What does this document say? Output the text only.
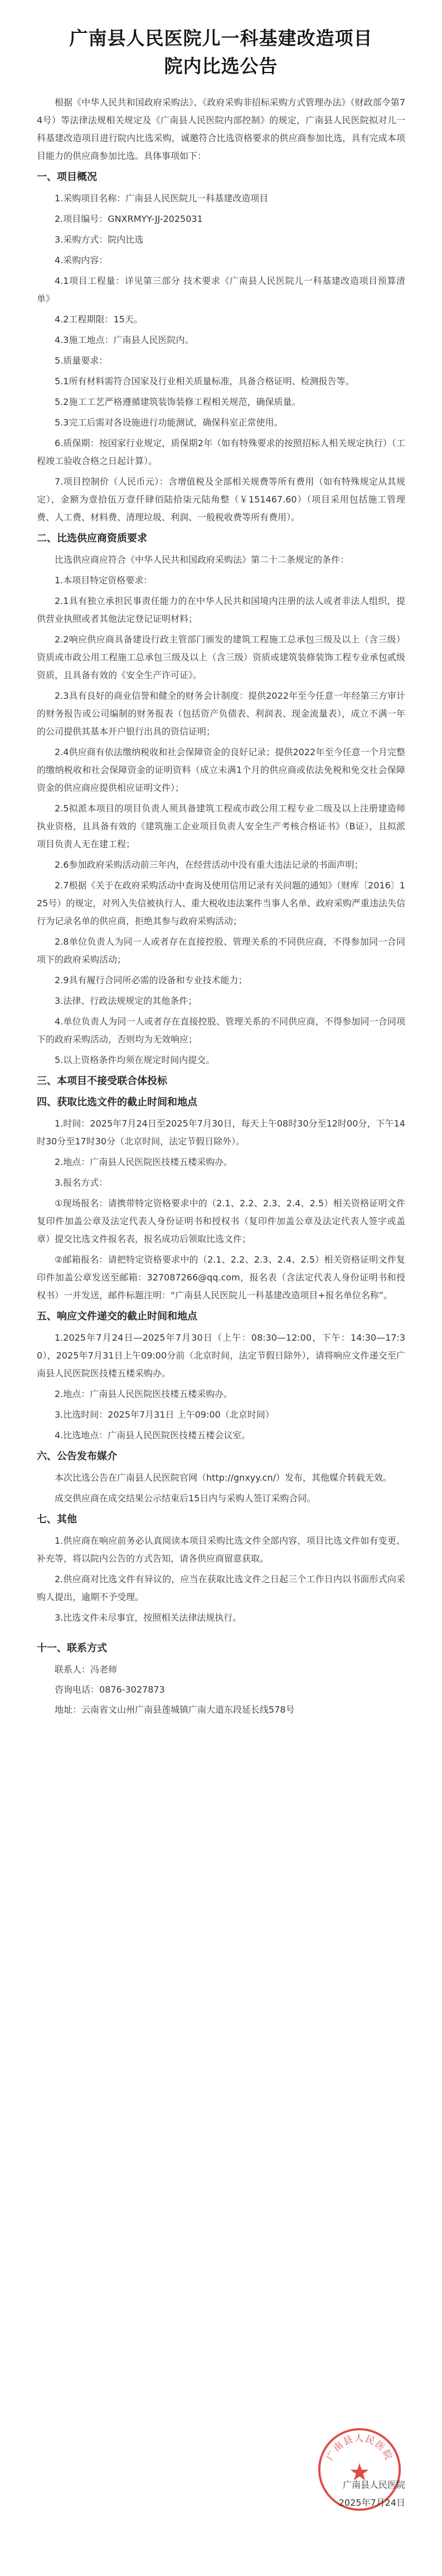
广南县人民医院儿一科基建改造项目
院内比选公告

根据《中华人民共和国政府采购法》、《政府采购非招标采购方式管理办法》（财政部令第74号）等法律法规相关规定及《广南县人民医院内部控制》的规定，广南县人民医院拟对儿一科基建改造项目进行院内比选采购，诚邀符合比选资格要求的供应商参加比选，具有完成本项目能力的供应商参加比选。具体事项如下：

一、项目概况

1.采购项目名称：广南县人民医院儿一科基建改造项目

2.项目编号：GNXRMYY-JJ-2025031

3.采购方式：院内比选

4.采购内容：

4.1项目工程量：详见第三部分 技术要求《广南县人民医院儿一科基建改造项目预算清单》

4.2工程期限：15天。

4.3施工地点：广南县人民医院内。

5.质量要求：

5.1所有材料需符合国家及行业相关质量标准，具备合格证明、检测报告等。

5.2施工工艺严格遵循建筑装饰装修工程相关规范，确保质量。

5.3完工后需对各设施进行功能测试，确保科室正常使用。

6.质保期：按国家行业规定，质保期2年（如有特殊要求的按照招标人相关规定执行）（工程竣工验收合格之日起计算）。

7.项目控制价（人民币元）：含增值税及全部相关规费等所有费用（如有特殊规定从其规定），金额为壹拾伍万壹仟肆佰陆拾柒元陆角整（￥151467.60）（项目采用包括施工管理费、人工费、材料费、清理垃圾、利润、一般税收费等所有费用）。

二、比选供应商资质要求

比选供应商应符合《中华人民共和国政府采购法》第二十二条规定的条件：

1.本项目特定资格要求：

2.1具有独立承担民事责任能力的在中华人民共和国境内注册的法人或者非法人组织，提供营业执照或者其他法定登记证明材料；

2.2响应供应商具备建设行政主管部门颁发的建筑工程施工总承包三级及以上（含三级）资质或市政公用工程施工总承包三级及以上（含三级）资质或建筑装修装饰工程专业承包贰级资质，且具备有效的《安全生产许可证》。

2.3具有良好的商业信誉和健全的财务会计制度：提供2022年至今任意一年经第三方审计的财务报告或公司编制的财务报表（包括资产负债表、利润表、现金流量表），成立不满一年的公司提供其基本开户银行出具的资信证明；

2.4供应商有依法缴纳税收和社会保障资金的良好记录；提供2022年至今任意一个月完整的缴纳税收和社会保障资金的证明资料（成立未满1个月的供应商或依法免税和免交社会保障资金的供应商应提供相应证明文件）；

2.5拟派本项目的项目负责人须具备建筑工程或市政公用工程专业二级及以上注册建造师执业资格，且具备有效的《建筑施工企业项目负责人安全生产考核合格证书》（B证），且拟派项目负责人无在建工程；

2.6参加政府采购活动前三年内，在经营活动中没有重大违法记录的书面声明；

2.7根据《关于在政府采购活动中查询及使用信用记录有关问题的通知》（财库〔2016〕125号）的规定，对列入失信被执行人、重大税收违法案件当事人名单、政府采购严重违法失信行为记录名单的供应商，拒绝其参与政府采购活动；

2.8单位负责人为同一人或者存在直接控股、管理关系的不同供应商，不得参加同一合同项下的政府采购活动；

2.9具有履行合同所必需的设备和专业技术能力；

3.法律、行政法规规定的其他条件；

4.单位负责人为同一人或者存在直接控股、管理关系的不同供应商，不得参加同一合同项下的政府采购活动，否则均为无效响应；

5.以上资格条件均须在规定时间内提交。

三、本项目不接受联合体投标
四、获取比选文件的截止时间和地点

1.时间：2025年7月24日至2025年7月30日，每天上午08时30分至12时00分，下午14时30分至17时30分（北京时间，法定节假日除外）。

2.地点：广南县人民医院医技楼五楼采购办。

3.报名方式：

①现场报名：请携带特定资格要求中的（2.1、2.2、2.3、2.4、2.5）相关资格证明文件复印件加盖公章及法定代表人身份证明书和授权书（复印件加盖公章及法定代表人签字或盖章）提交比选文件报名表，报名成功后领取比选文件；

②邮箱报名：请把特定资格要求中的（2.1、2.2、2.3、2.4、2.5）相关资格证明文件复印件加盖公章发送至邮箱：327087266@qq.com，报名表（含法定代表人身份证明书和授权书）一并发送，邮件标题注明：“广南县人民医院儿一科基建改造项目+报名单位名称”。

五、响应文件递交的截止时间和地点

1.2025年7月24日—2025年7月30日（上午：08:30—12:00，下午：14:30—17:30），2025年7月31日上午09:00分前（北京时间，法定节假日除外），请将响应文件递交至广南县人民医院医技楼五楼采购办。

2.地点：广南县人民医院医技楼五楼采购办。

3.比选时间：2025年7月31日 上午09:00（北京时间）

4.比选地点：广南县人民医院医技楼五楼会议室。

六、公告发布媒介

本次比选公告在广南县人民医院官网（http://gnxyy.cn/）发布，其他媒介转载无效。

成交供应商在成交结果公示结束后15日内与采购人签订采购合同。

七、其他

1.供应商在响应前务必认真阅读本项目采购比选文件全部内容，项目比选文件如有变更、补充等，将以院内公告的方式告知，请各供应商留意获取。

2.供应商对比选文件有异议的，应当在获取比选文件之日起三个工作日内以书面形式向采购人提出，逾期不予受理。

3.比选文件未尽事宜，按照相关法律法规执行。

十一、联系方式

联系人：冯老师

咨询电话：0876-3027873

地址：云南省文山州广南县莲城镇广南大道东段延长线578号

广南县人民医院
★

广南县人民医院

2025年7月24日
